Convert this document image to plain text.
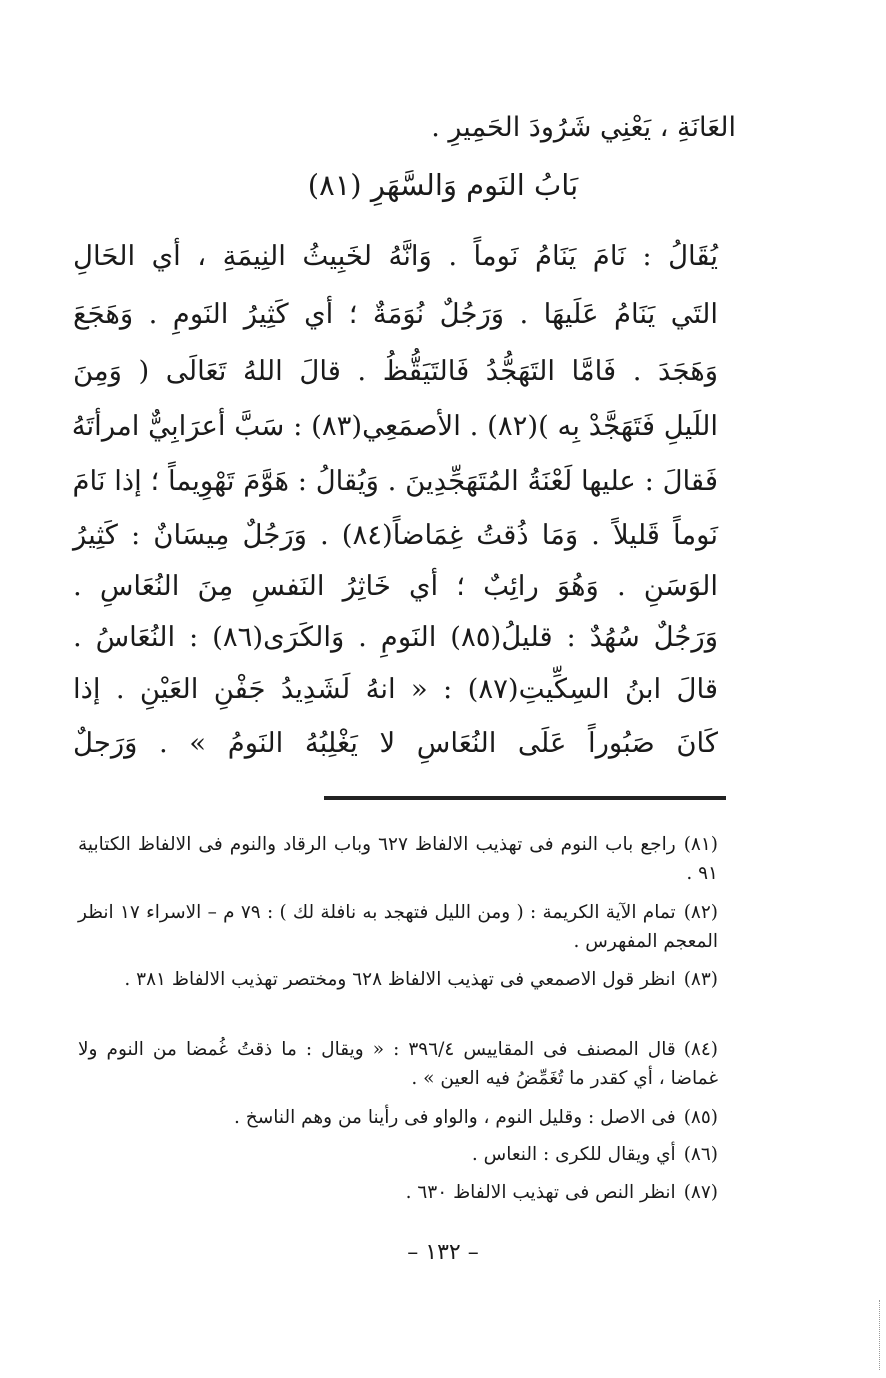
العَانَةِ ، يَعْنِي شَرُودَ الحَمِيرِ .
بَابُ النَوم وَالسَّهَرِ (٨١)
يُقَالُ : نَامَ يَنَامُ نَوماً . وَانَّهُ لخَبِيثُ النِيمَةِ ، أي الحَالِ
التَي يَنَامُ عَلَيهَا . وَرَجُلٌ نُوَمَةٌ ؛ أي كَثِيرُ النَومِ . وَهَجَعَ
وَهَجَدَ . فَامَّا التَهَجُّدُ فَالتَيَقُّظُ . قالَ اللهُ تَعَالَى ( وَمِنَ
اللَيلِ فَتَهَجَّدْ بِه )(٨٢) . الأصمَعِي(٨٣) : سَبَّ أعرَابِيٌّ امرأتَهُ
فَقالَ : عليها لَعْنَةُ المُتَهَجِّدِينَ . وَيُقالُ : هَوَّمَ تَهْوِيماً ؛ إذا نَامَ
نَوماً قَليلاً . وَمَا ذُقتُ غِمَاضاً(٨٤) . وَرَجُلٌ مِيسَانٌ : كَثِيرُ
الوَسَنِ . وَهُوَ رائِبٌ ؛ أي خَاثِرُ النَفسِ مِنَ النُعَاسِ .
وَرَجُلٌ سُهُدٌ : قليلُ(٨٥) النَومِ . وَالكَرَى(٨٦) : النُعَاسُ .
قالَ ابنُ السِكِّيتِ(٨٧) : « انهُ لَشَدِيدُ جَفْنِ العَيْنِ . إذا
كَانَ صَبُوراً عَلَى النُعَاسِ لا يَغْلِبُهُ النَومُ » . وَرَجلٌ
(٨١)راجع باب النوم فى تهذيب الالفاظ ٦٢٧ وباب الرقاد والنوم فى الالفاظ الكتابية ٩١ .
(٨٢)تمام الآية الكريمة : ( ومن الليل فتهجد به نافلة لك ) : ٧٩ م – الاسراء ١٧ انظر المعجم المفهرس .
(٨٣)انظر قول الاصمعي فى تهذيب الالفاظ ٦٢٨ ومختصر تهذيب الالفاظ ٣٨١ .
(٨٤)قال المصنف فى المقاييس ٣٩٦/٤ : « ويقال : ما ذقتُ غُمضا من النوم ولا غماضا ، أي كقدر ما تُغَمِّضُ فيه العين » .
(٨٥)فى الاصل : وقليل النوم ، والواو فى رأينا من وهم الناسخ .
(٨٦)أي ويقال للكرى : النعاس .
(٨٧)انظر النص فى تهذيب الالفاظ ٦٣٠ .
– ١٣٢ –
